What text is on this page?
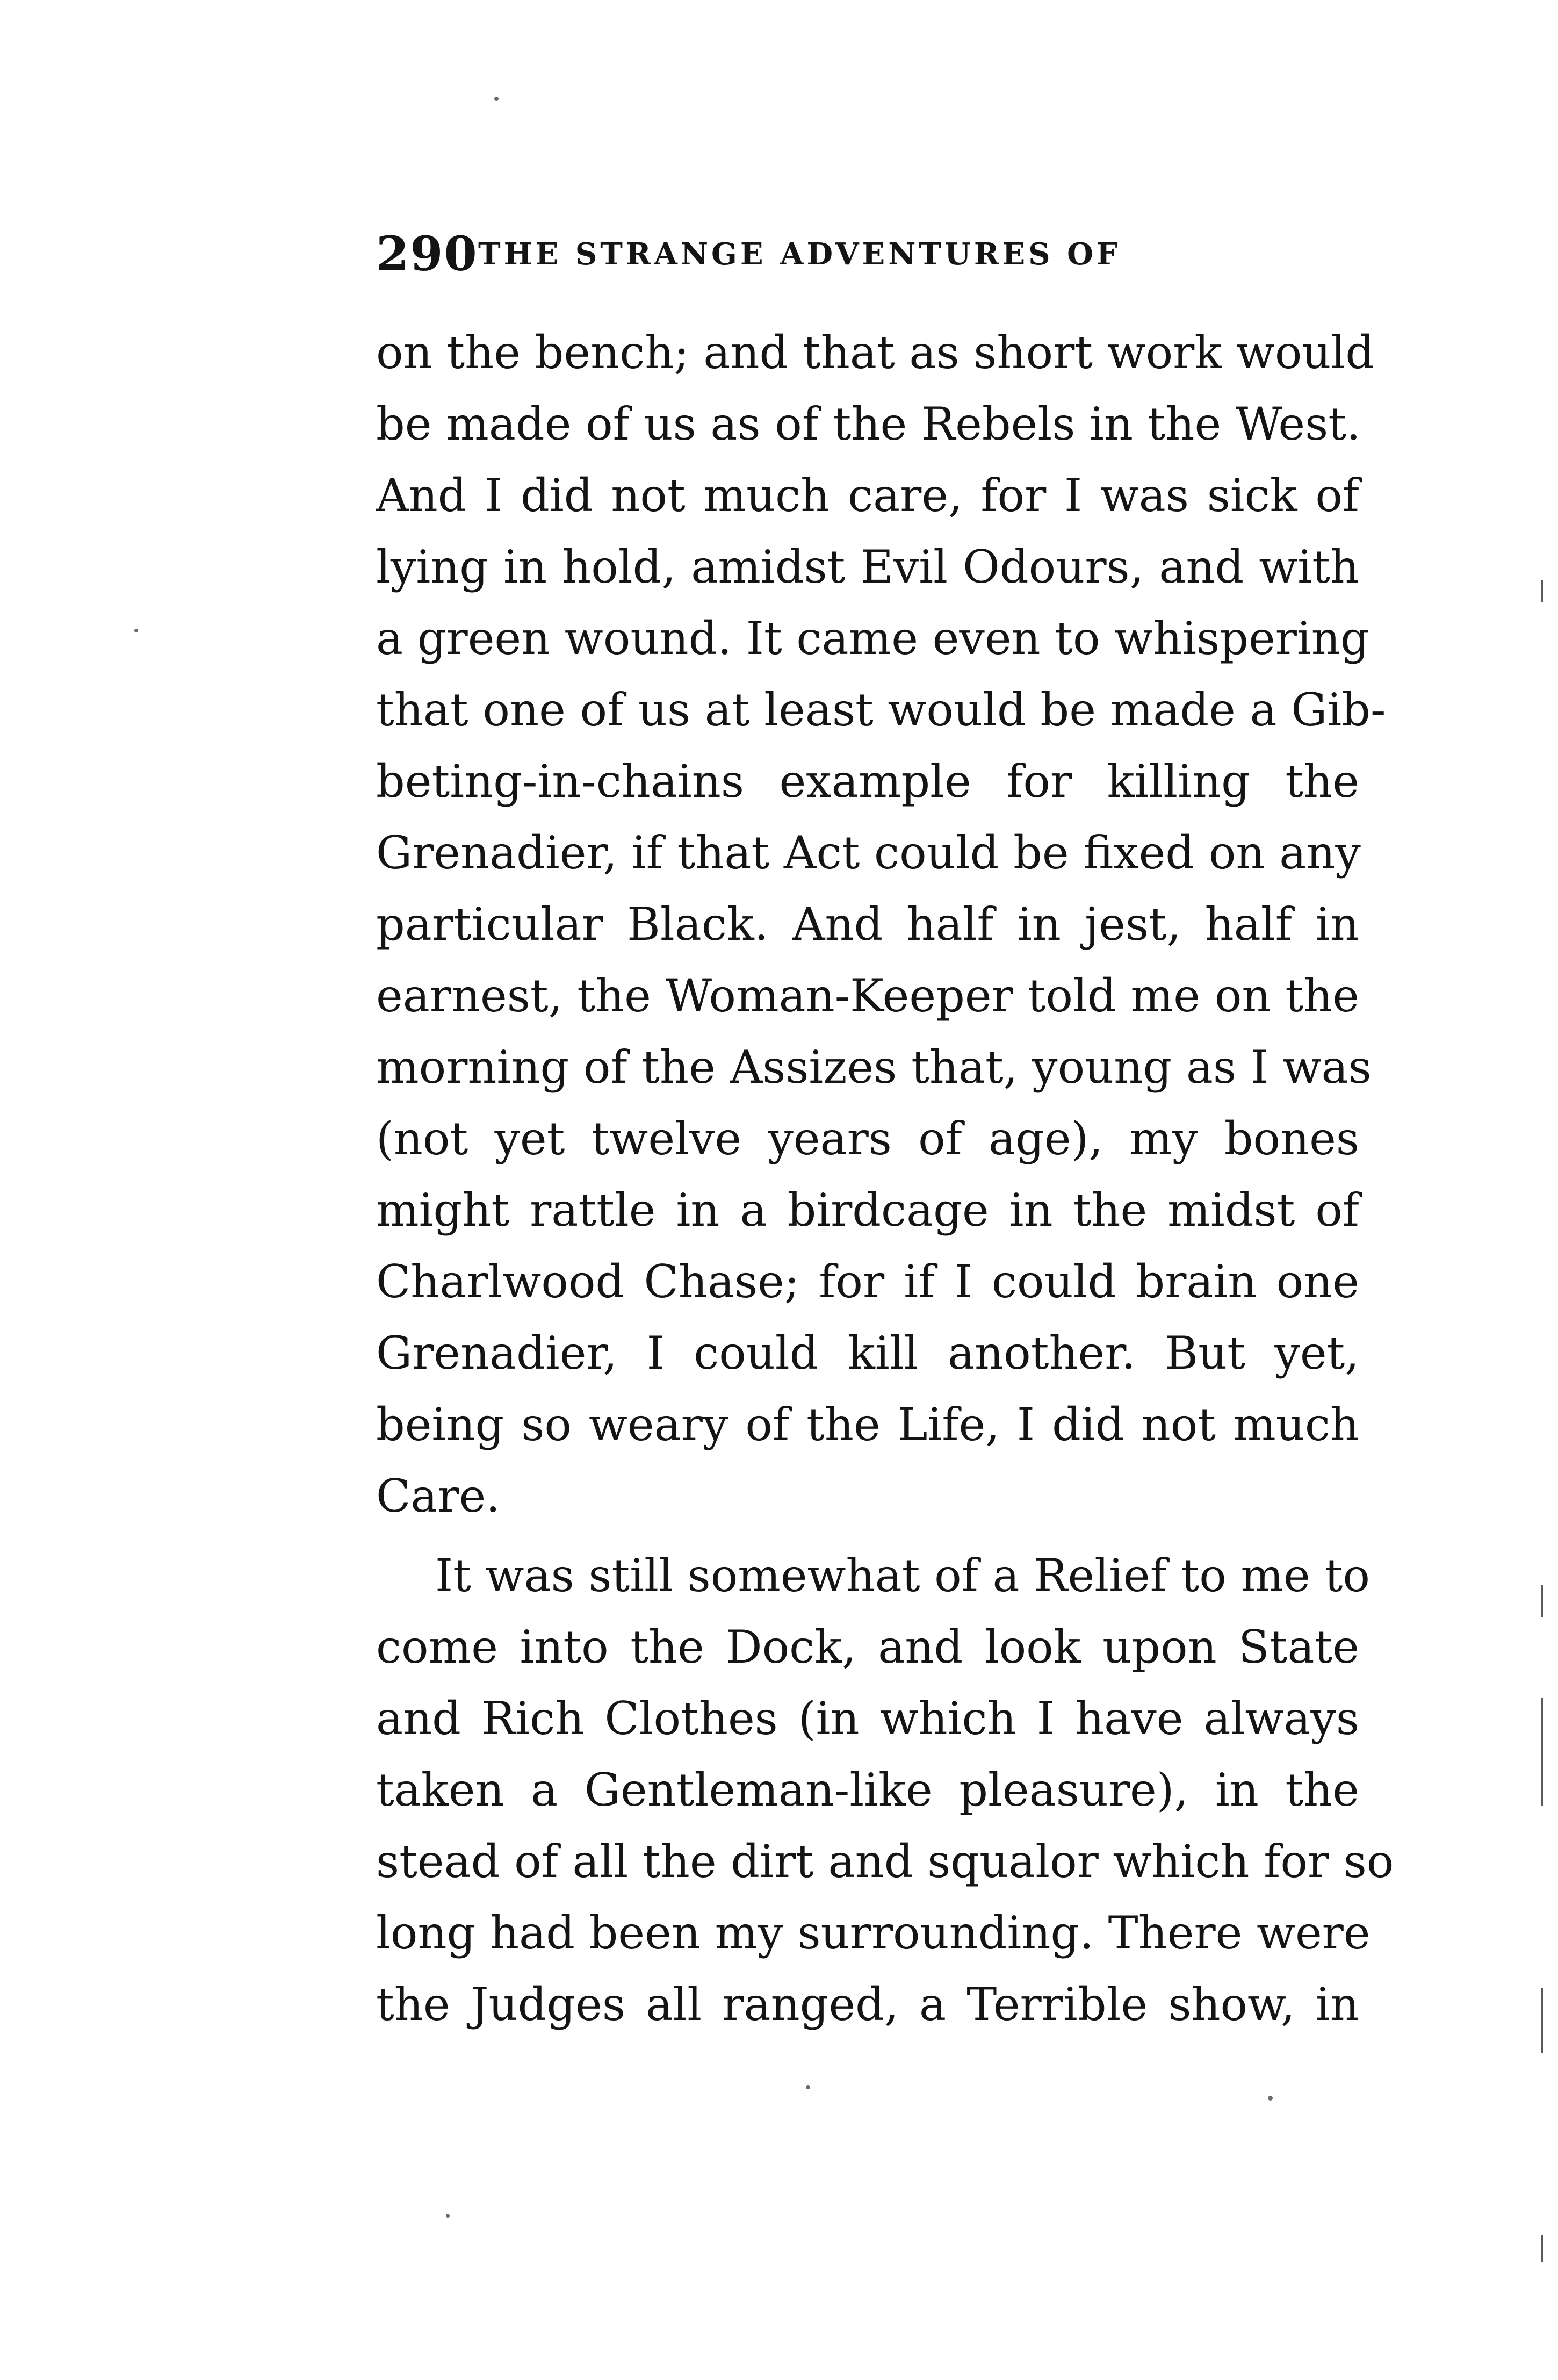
290 THE STRANGE ADVENTURES OF
on the bench; and that as short work would
be made of us as of the Rebels in the West.
And I did not much care, for I was sick of
lying in hold, amidst Evil Odours, and with
a green wound. It came even to whispering
that one of us at least would be made a Gib-
beting-in-chains example for killing the
Grenadier, if that Act could be fixed on any
particular Black. And half in jest, half in
earnest, the Woman-Keeper told me on the
morning of the Assizes that, young as I was
(not yet twelve years of age), my bones
might rattle in a birdcage in the midst of
Charlwood Chase; for if I could brain one
Grenadier, I could kill another. But yet,
being so weary of the Life, I did not much
Care.
It was still somewhat of a Relief to me to
come into the Dock, and look upon State
and Rich Clothes (in which I have always
taken a Gentleman-like pleasure), in the
stead of all the dirt and squalor which for so
long had been my surrounding. There were
the Judges all ranged, a Terrible show, in
